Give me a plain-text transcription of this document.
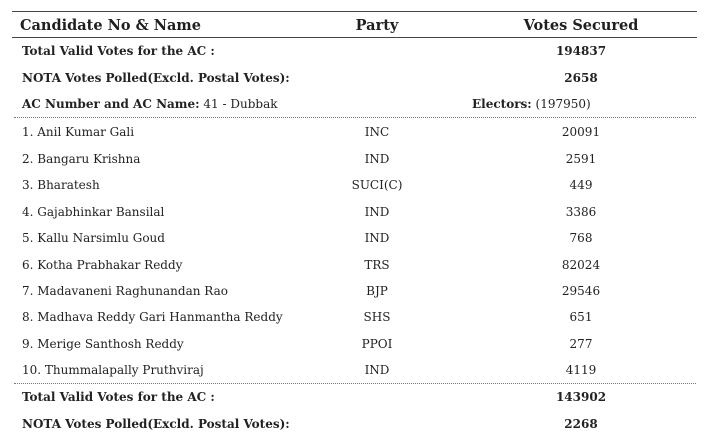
Candidate No & Name	Party	Votes Secured
Total Valid Votes for the AC :	194837
NOTA Votes Polled(Excld. Postal Votes):	2658
AC Number and AC Name: 41 - Dubbak	Electors: (197950)
1. Anil Kumar Gali	INC	20091
2. Bangaru Krishna	IND	2591
3. Bharatesh	SUCI(C)	449
4. Gajabhinkar Bansilal	IND	3386
5. Kallu Narsimlu Goud	IND	768
6. Kotha Prabhakar Reddy	TRS	82024
7. Madavaneni Raghunandan Rao	BJP	29546
8. Madhava Reddy Gari Hanmantha Reddy	SHS	651
9. Merige Santhosh Reddy	PPOI	277
10. Thummalapally Pruthviraj	IND	4119
Total Valid Votes for the AC :	143902
NOTA Votes Polled(Excld. Postal Votes):	2268
